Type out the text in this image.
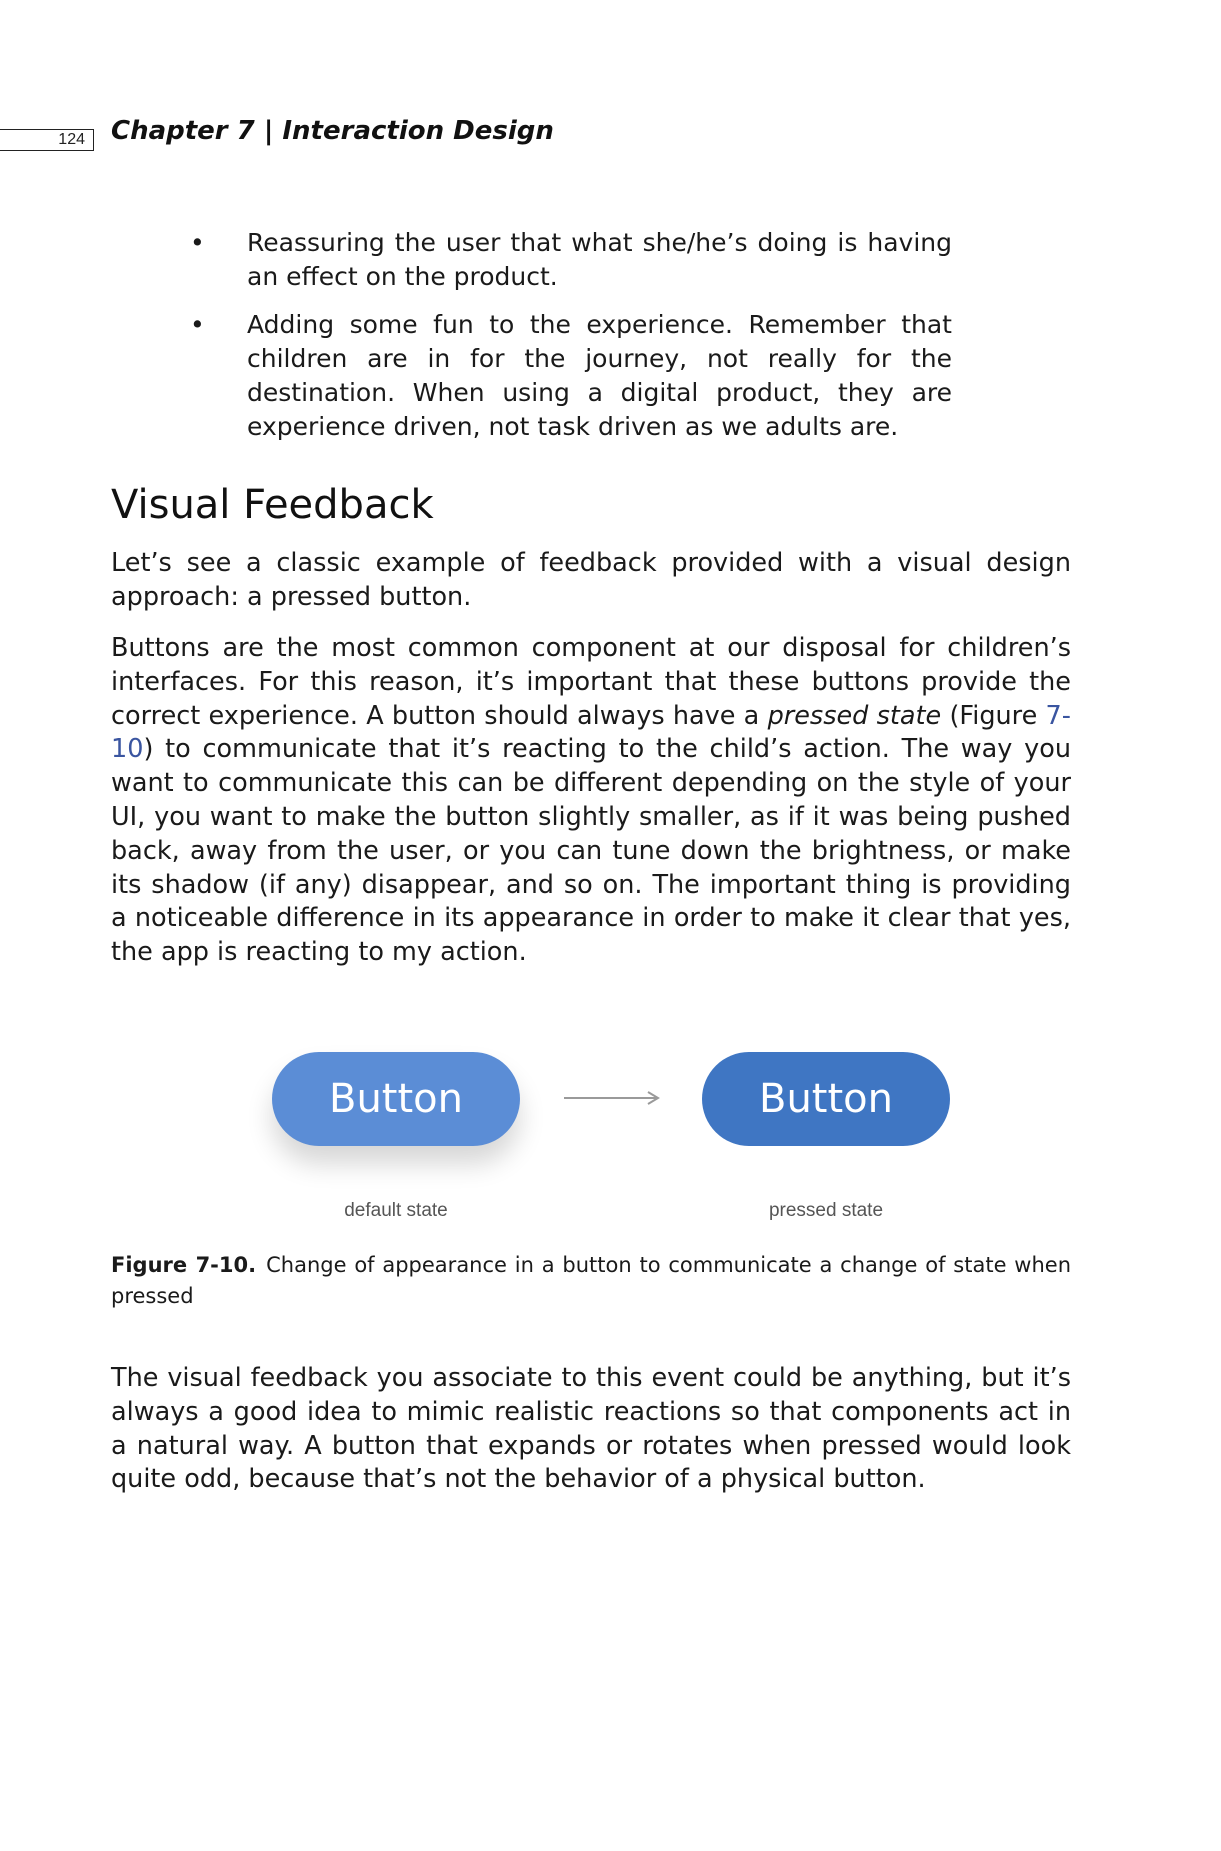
124	Chapter 7 | Interaction Design
• Reassuring the user that what she/he’s doing is having an effect on the product.
• Adding some fun to the experience. Remember that children are in for the journey, not really for the destination. When using a digital product, they are experience driven, not task driven as we adults are.
Visual Feedback
Let’s see a classic example of feedback provided with a visual design approach: a pressed button.
Buttons are the most common component at our disposal for children’s interfaces. For this reason, it’s important that these buttons provide the correct experience. A button should always have a pressed state (Figure 7-10) to communicate that it’s reacting to the child’s action. The way you want to communicate this can be different depending on the style of your UI, you want to make the button slightly smaller, as if it was being pushed back, away from the user, or you can tune down the brightness, or make its shadow (if any) disappear, and so on. The important thing is providing a noticeable difference in its appearance in order to make it clear that yes, the app is reacting to my action.
Button	Button
default state	pressed state
Figure 7-10. Change of appearance in a button to communicate a change of state when pressed
The visual feedback you associate to this event could be anything, but it’s always a good idea to mimic realistic reactions so that components act in a natural way. A button that expands or rotates when pressed would look quite odd, because that’s not the behavior of a physical button.
